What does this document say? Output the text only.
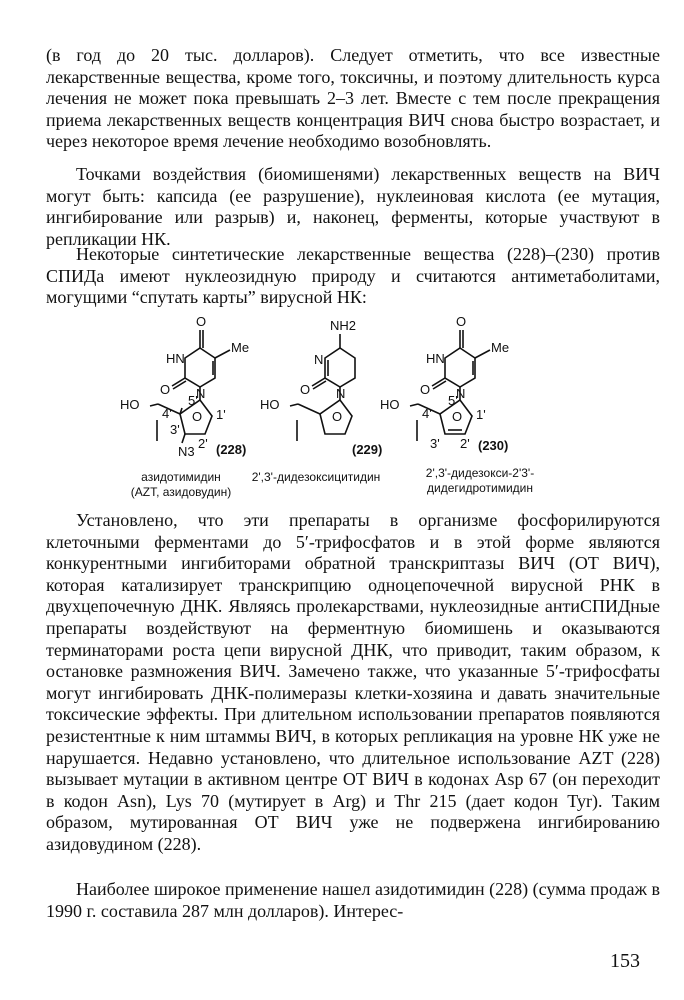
(в год до 20 тыс. долларов). Следует отметить, что все известные лекарственные вещества, кроме того, токсичны, и поэтому длительность курса лечения не может пока превышать 2–3 лет. Вместе с тем после прекращения приема лекарственных веществ концентрация ВИЧ снова быстро возрастает, и через некоторое время лечение необходимо возобновлять.

Точками воздействия (биомишенями) лекарственных веществ на ВИЧ могут быть: капсида (ее разрушение), нуклеиновая кислота (ее мутация, ингибирование или разрыв) и, наконец, ферменты, которые участвуют в репликации НК.

Некоторые синтетические лекарственные вещества (228)–(230) против СПИДа имеют нуклеозидную природу и считаются антиметаболитами, могущими “спутать карты” вирусной НК:

O
Me
HN
O N
HO
O
N3
5'
4'
3'
2'
1'
(228)
NH2
N
O N
HO
O
(229)
O
Me
HN
O N
HO
O
5'
4'
3' 2'
1'
(230)
азидотимидин
(AZT, азидовудин)
2',3'-дидезоксицитидин	2',3'-дидезокси-2'3'-
дидегидротимидин

Установлено, что эти препараты в организме фосфорилируются клеточными ферментами до 5′-трифосфатов и в этой форме являются конкурентными ингибиторами обратной транскриптазы ВИЧ (ОТ ВИЧ), которая катализирует транскрипцию одноцепочечной вирусной РНК в двухцепочечную ДНК. Являясь пролекарствами, нуклеозидные антиСПИДные препараты воздействуют на ферментную биомишень и оказываются терминаторами роста цепи вирусной ДНК, что приводит, таким образом, к остановке размножения ВИЧ. Замечено также, что указанные 5′-трифосфаты могут ингибировать ДНК-полимеразы клетки-хозяина и давать значительные токсические эффекты. При длительном использовании препаратов появляются резистентные к ним штаммы ВИЧ, в которых репликация на уровне НК уже не нарушается. Недавно установлено, что длительное использование AZT (228) вызывает мутации в активном центре ОТ ВИЧ в кодонах Asp 67 (он переходит в кодон Asn), Lys 70 (мутирует в Arg) и Thr 215 (дает кодон Tyr). Таким образом, мутированная ОТ ВИЧ уже не подвержена ингибированию азидовудином (228).

Наиболее широкое применение нашел азидотимидин (228) (сумма продаж в 1990 г. составила 287 млн долларов). Интерес-

153
